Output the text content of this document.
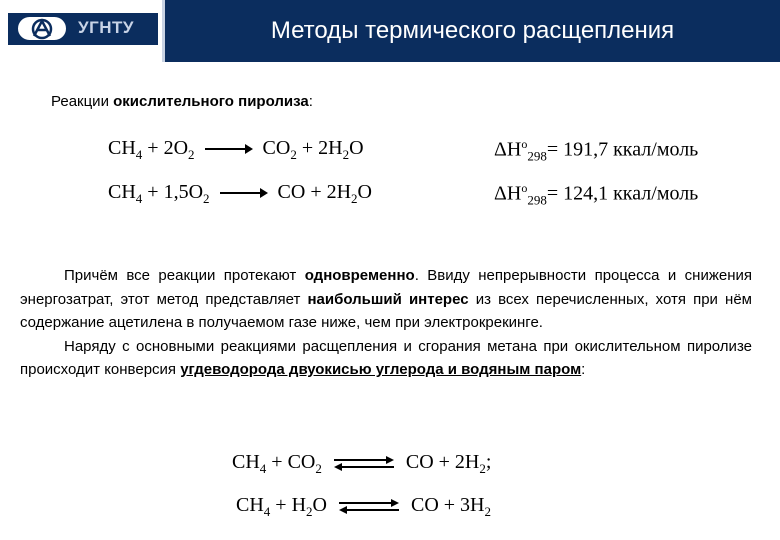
УГНТУ	Методы термического расщепления
Реакции окислительного пиролиза:
$CH_4 + 2O_2$	$CO_2 + 2H_2O$	$\Delta H^o_{298}= 191,7$ ккал/моль
$CH_4 + 1,5O_2$	CO + $2H_2O$	$\Delta H^o_{298}= 124,1$ ккал/моль

Причём все реакции протекают одновременно. Ввиду непрерывности процесса и снижения энергозатрат, этот метод представляет наибольший интерес из всех перечисленных, хотя при нём содержание ацетилена в получаемом газе ниже, чем при электрокрекинге.

Наряду с основными реакциями расщепления и сгорания метана при окислительном пиролизе происходит конверсия угдеводорода двуокисью углерода и водяным паром:

$CH_4 + CO_2$	CO + $2H_2$;
$CH_4 + H_2O$	CO + $3H_2$
